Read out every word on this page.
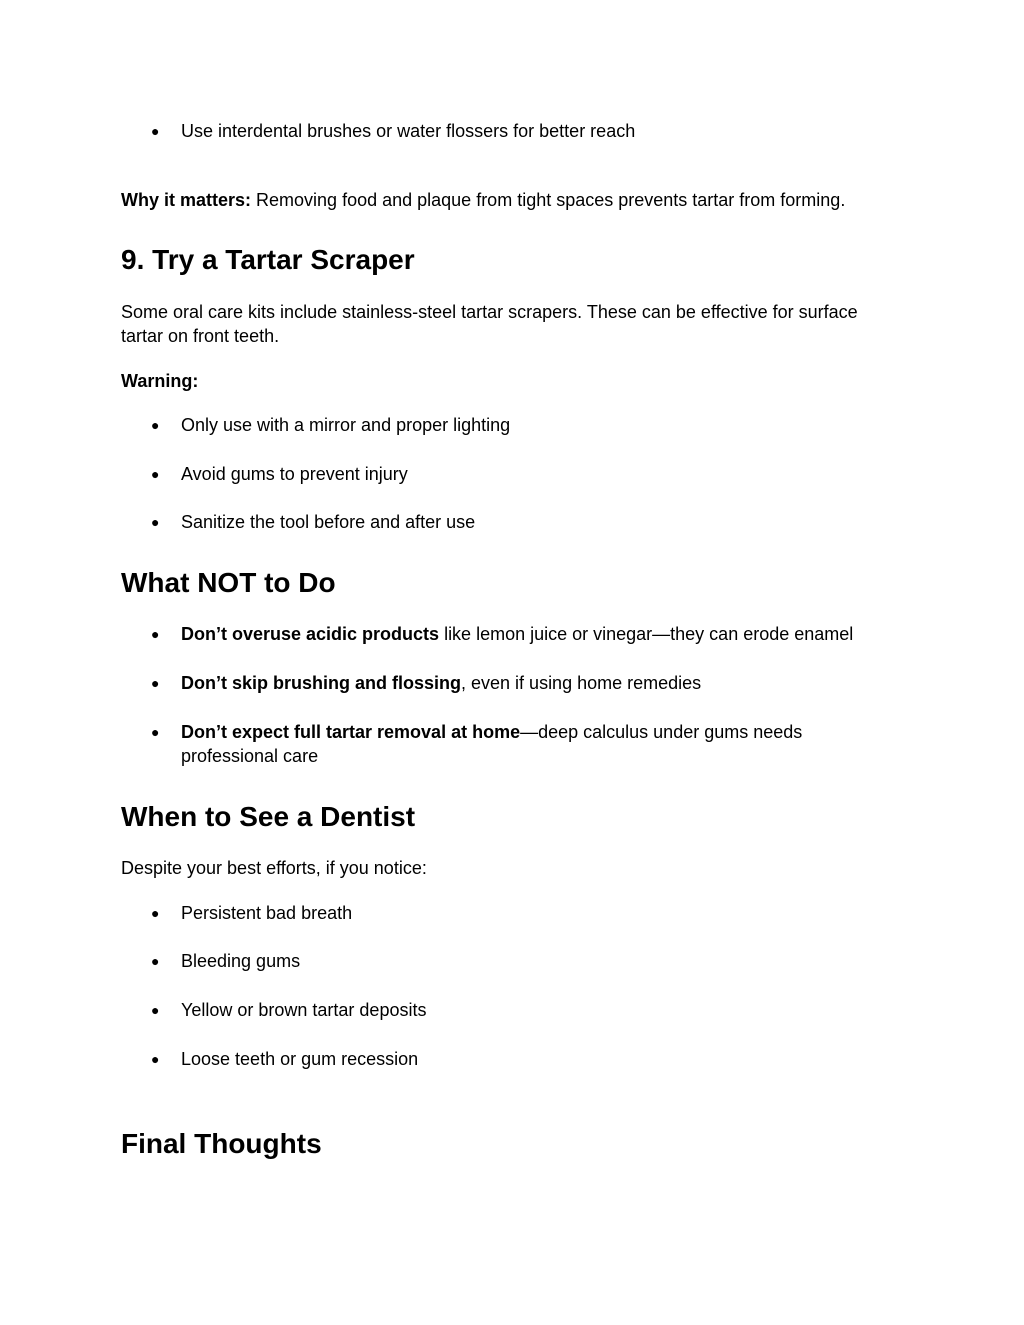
● Use interdental brushes or water flossers for better reach

Why it matters: Removing food and plaque from tight spaces prevents tartar from forming.

9. Try a Tartar Scraper

Some oral care kits include stainless-steel tartar scrapers. These can be effective for surface
tartar on front teeth.

Warning:

● Only use with a mirror and proper lighting
● Avoid gums to prevent injury
● Sanitize the tool before and after use
What NOT to Do
● Don’t overuse acidic products like lemon juice or vinegar—they can erode enamel
● Don’t skip brushing and flossing, even if using home remedies
● Don’t expect full tartar removal at home—deep calculus under gums needs
professional care
When to See a Dentist

Despite your best efforts, if you notice:

● Persistent bad breath
● Bleeding gums
● Yellow or brown tartar deposits
● Loose teeth or gum recession
Final Thoughts
